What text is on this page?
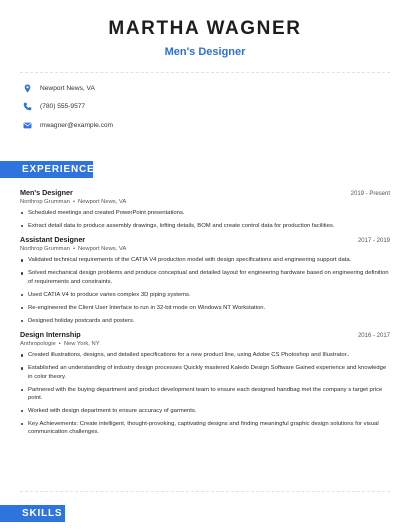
MARTHA WAGNER
Men's Designer
Newport News, VA
(780) 555-9577
mwagner@example.com
EXPERIENCE
Men's Designer	2019 - Present
Northrop Grumman • Newport News, VA
Scheduled meetings and created PowerPoint presentations.
Extract detail data to produce assembly drawings, lofting details, BOM and create control data for production facilities.
Assistant Designer	2017 - 2019
Northrop Grumman • Newport News, VA
Validated technical requirements of the CATIA V4 production model with design specifications and engineering support data.
Solved mechanical design problems and produce conceptual and detailed layout for engineering hardware based on engineering definition of requirements and constraints.
Used CATIA V4 to produce varies complex 3D piping systems.
Re-engineered the Client User Interface to run in 32-bit mode on Windows NT Workstation.
Designed holiday postcards and posters.
Design Internship	2016 - 2017
Anthropologie • New York, NY
Created illustrations, designs, and detailed specifications for a new product line, using Adobe CS Photoshop and Illustrator..
Established an understanding of industry design processes Quickly mastered Kaledo Design Software Gained experience and knowledge in color theory.
Partnered with the buying department and product development team to ensure each designed handbag met the company s target price point.
Worked with design department to ensure accuracy of garments.
Key Achievements: Create intelligent, thought-provoking, captivating designs and finding meaningful graphic design solutions for visual communication challenges.
SKILLS
